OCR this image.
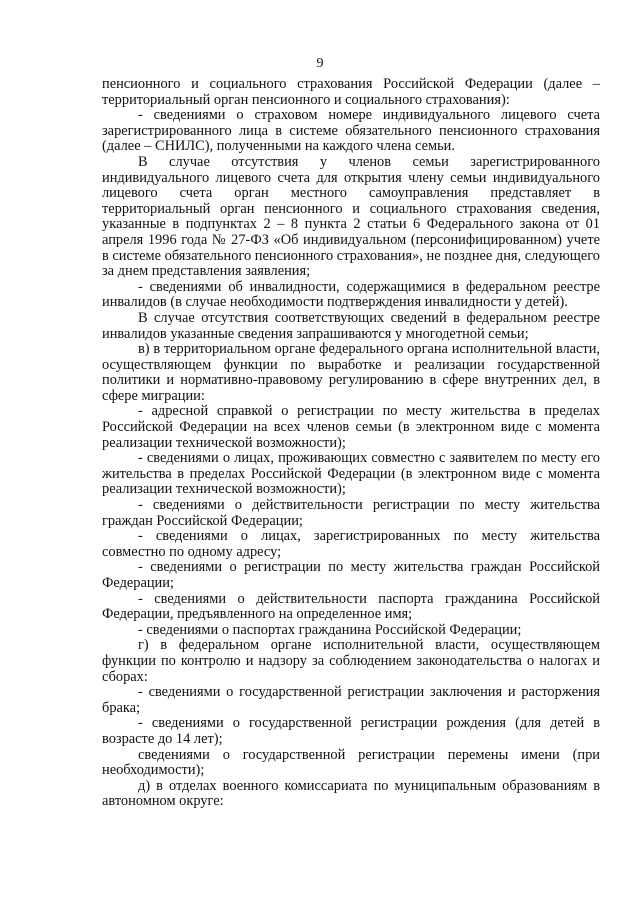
9

пенсионного и социального страхования Российской Федерации (далее – территориальный орган пенсионного и социального страхования):

- сведениями о страховом номере индивидуального лицевого счета зарегистрированного лица в системе обязательного пенсионного страхования (далее – СНИЛС), полученными на каждого члена семьи.

В случае отсутствия у членов семьи зарегистрированного индивидуального лицевого счета для открытия члену семьи индивидуального лицевого счета орган местного самоуправления представляет в территориальный орган пенсионного и социального страхования сведения, указанные в подпунктах 2 – 8 пункта 2 статьи 6 Федерального закона от 01 апреля 1996 года № 27-ФЗ «Об индивидуальном (персонифицированном) учете в системе обязательного пенсионного страхования», не позднее дня, следующего за днем представления заявления;

- сведениями об инвалидности, содержащимися в федеральном реестре инвалидов (в случае необходимости подтверждения инвалидности у детей).

В случае отсутствия соответствующих сведений в федеральном реестре инвалидов указанные сведения запрашиваются у многодетной семьи;

в) в территориальном органе федерального органа исполнительной власти, осуществляющем функции по выработке и реализации государственной политики и нормативно-правовому регулированию в сфере внутренних дел, в сфере миграции:

- адресной справкой о регистрации по месту жительства в пределах Российской Федерации на всех членов семьи (в электронном виде с момента реализации технической возможности);

- сведениями о лицах, проживающих совместно с заявителем по месту его жительства в пределах Российской Федерации (в электронном виде с момента реализации технической возможности);

- сведениями о действительности регистрации по месту жительства граждан Российской Федерации;

- сведениями о лицах, зарегистрированных по месту жительства совместно по одному адресу;

- сведениями о регистрации по месту жительства граждан Российской Федерации;

- сведениями о действительности паспорта гражданина Российской Федерации, предъявленного на определенное имя;

- сведениями о паспортах гражданина Российской Федерации;

г) в федеральном органе исполнительной власти, осуществляющем функции по контролю и надзору за соблюдением законодательства о налогах и сборах:

- сведениями о государственной регистрации заключения и расторжения брака;

- сведениями о государственной регистрации рождения (для детей в возрасте до 14 лет);

сведениями о государственной регистрации перемены имени (при необходимости);

д) в отделах военного комиссариата по муниципальным образованиям в автономном округе:
